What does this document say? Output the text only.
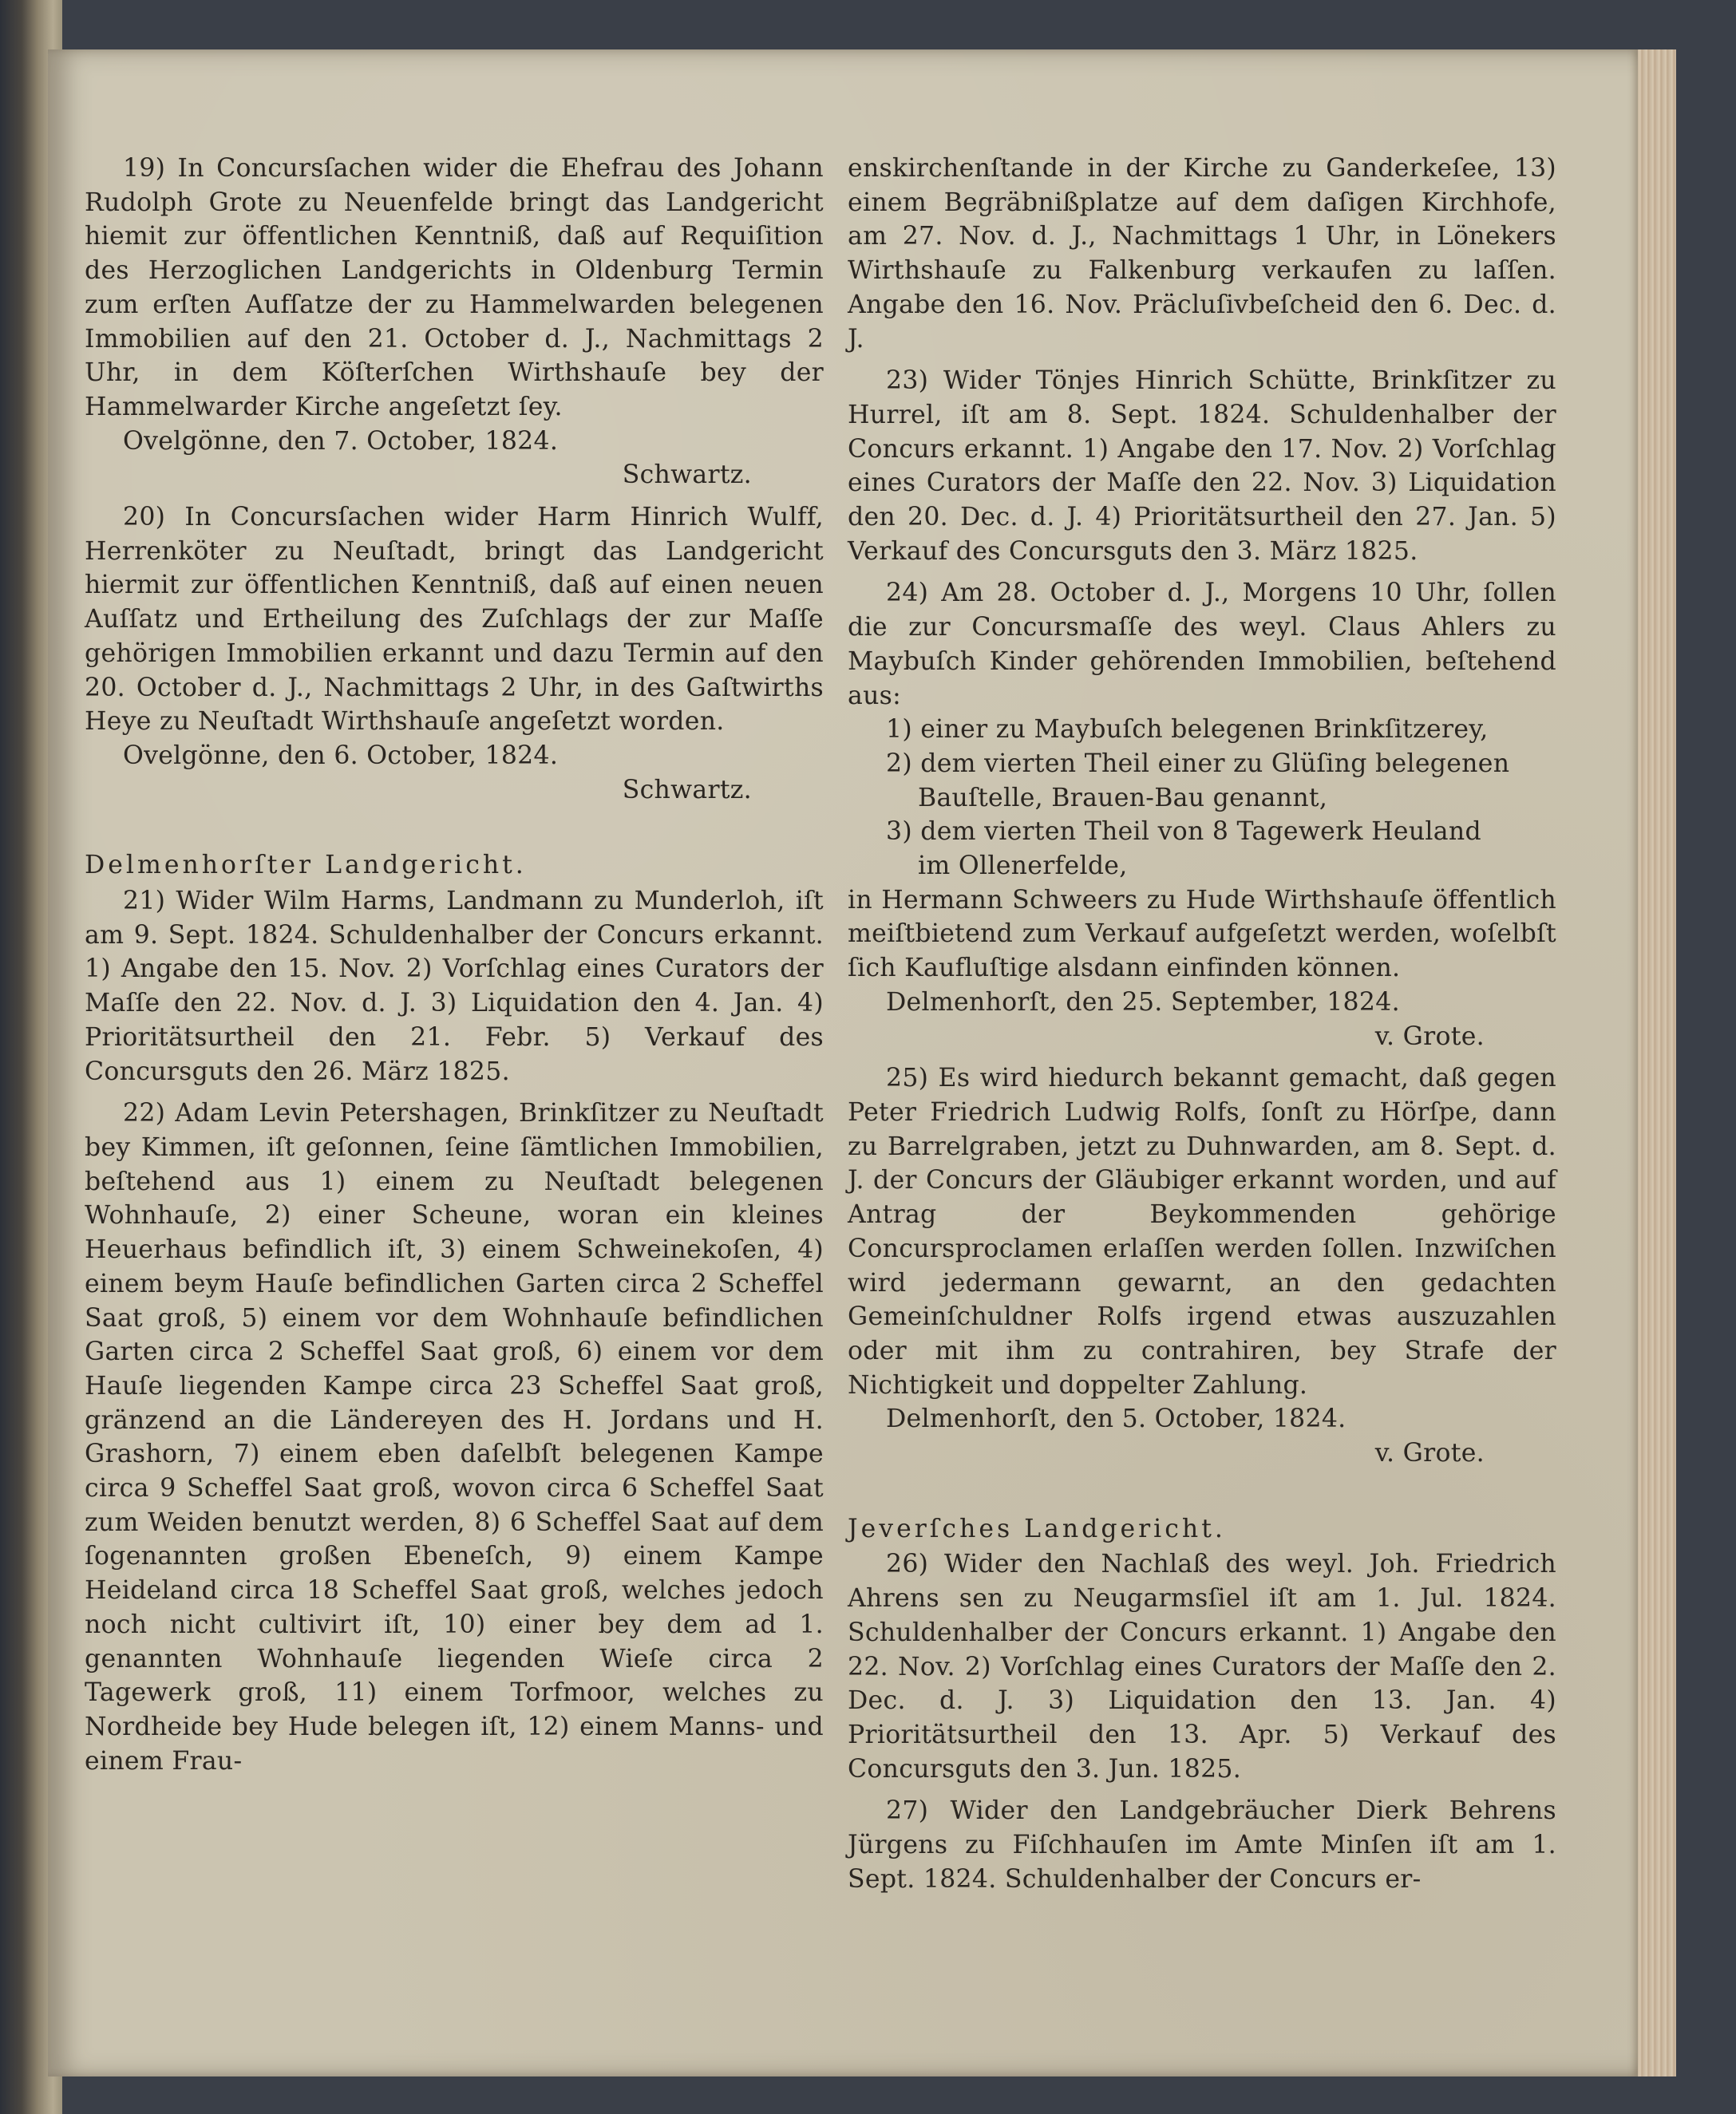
19) In Concursſachen wider die Ehefrau des Johann Rudolph Grote zu Neuenfelde bringt das Landgericht hiemit zur öffentlichen Kenntniß, daß auf Requiſition des Herzoglichen Landgerichts in Oldenburg Termin zum erſten Aufſatze der zu Hammelwarden belegenen Immobilien auf den 21. October d. J., Nachmittags 2 Uhr, in dem Köſterſchen Wirthshauſe bey der Hammelwarder Kirche angeſetzt ſey.

Ovelgönne, den 7. October, 1824.

Schwartz.

20) In Concursſachen wider Harm Hinrich Wulff, Herrenköter zu Neuſtadt, bringt das Landgericht hiermit zur öffentlichen Kenntniß, daß auf einen neuen Auſſatz und Ertheilung des Zuſchlags der zur Maſſe gehörigen Immobilien erkannt und dazu Termin auf den 20. October d. J., Nachmittags 2 Uhr, in des Gaſtwirths Heye zu Neuſtadt Wirthshauſe angeſetzt worden.

Ovelgönne, den 6. October, 1824.

Schwartz.

Delmenhorſter Landgericht.

21) Wider Wilm Harms, Landmann zu Munderloh, iſt am 9. Sept. 1824. Schuldenhalber der Concurs erkannt. 1) Angabe den 15. Nov. 2) Vorſchlag eines Curators der Maſſe den 22. Nov. d. J. 3) Liquidation den 4. Jan. 4) Prioritätsurtheil den 21. Febr. 5) Verkauf des Concursguts den 26. März 1825.

22) Adam Levin Petershagen, Brinkſitzer zu Neuſtadt bey Kimmen, iſt geſonnen, ſeine ſämtlichen Immobilien, beſtehend aus 1) einem zu Neuſtadt belegenen Wohnhauſe, 2) einer Scheune, woran ein kleines Heuerhaus befindlich iſt, 3) einem Schweinekoſen, 4) einem beym Hauſe befindlichen Garten circa 2 Scheffel Saat groß, 5) einem vor dem Wohnhauſe befindlichen Garten circa 2 Scheffel Saat groß, 6) einem vor dem Hauſe liegenden Kampe circa 23 Scheffel Saat groß, gränzend an die Ländereyen des H. Jordans und H. Grashorn, 7) einem eben daſelbſt belegenen Kampe circa 9 Scheffel Saat groß, wovon circa 6 Scheffel Saat zum Weiden benutzt werden, 8) 6 Scheffel Saat auf dem ſogenannten großen Ebeneſch, 9) einem Kampe Heideland circa 18 Scheffel Saat groß, welches jedoch noch nicht cultivirt iſt, 10) einer bey dem ad 1. genannten Wohnhauſe liegenden Wieſe circa 2 Tagewerk groß, 11) einem Torfmoor, welches zu Nordheide bey Hude belegen iſt, 12) einem Manns- und einem Frau-

enskirchenſtande in der Kirche zu Ganderkeſee, 13) einem Begräbnißplatze auf dem daſigen Kirchhofe, am 27. Nov. d. J., Nachmittags 1 Uhr, in Lönekers Wirthshauſe zu Falkenburg verkaufen zu laſſen. Angabe den 16. Nov. Präcluſivbeſcheid den 6. Dec. d. J.

23) Wider Tönjes Hinrich Schütte, Brinkſitzer zu Hurrel, iſt am 8. Sept. 1824. Schuldenhalber der Concurs erkannt. 1) Angabe den 17. Nov. 2) Vorſchlag eines Curators der Maſſe den 22. Nov. 3) Liquidation den 20. Dec. d. J. 4) Prioritätsurtheil den 27. Jan. 5) Verkauf des Concursguts den 3. März 1825.

24) Am 28. October d. J., Morgens 10 Uhr, ſollen die zur Concursmaſſe des weyl. Claus Ahlers zu Maybuſch Kinder gehörenden Immobilien, beſtehend aus:

1) einer zu Maybuſch belegenen Brinkſitzerey,

2) dem vierten Theil einer zu Glüſing belegenen

Bauſtelle, Brauen-Bau genannt,

3) dem vierten Theil von 8 Tagewerk Heuland

im Ollenerfelde,

in Hermann Schweers zu Hude Wirthshauſe öffentlich meiſtbietend zum Verkauf aufgeſetzt werden, woſelbſt ſich Kaufluſtige alsdann einfinden können.

Delmenhorſt, den 25. September, 1824.

v. Grote.

25) Es wird hiedurch bekannt gemacht, daß gegen Peter Friedrich Ludwig Rolfs, ſonſt zu Hörſpe, dann zu Barrelgraben, jetzt zu Duhnwarden, am 8. Sept. d. J. der Concurs der Gläubiger erkannt worden, und auf Antrag der Beykommenden gehörige Concursproclamen erlaſſen werden ſollen. Inzwiſchen wird jedermann gewarnt, an den gedachten Gemeinſchuldner Rolfs irgend etwas auszuzahlen oder mit ihm zu contrahiren, bey Strafe der Nichtigkeit und doppelter Zahlung.

Delmenhorſt, den 5. October, 1824.

v. Grote.

Jeverſches Landgericht.

26) Wider den Nachlaß des weyl. Joh. Friedrich Ahrens sen zu Neugarmsſiel iſt am 1. Jul. 1824. Schuldenhalber der Concurs erkannt. 1) Angabe den 22. Nov. 2) Vorſchlag eines Curators der Maſſe den 2. Dec. d. J. 3) Liquidation den 13. Jan. 4) Prioritätsurtheil den 13. Apr. 5) Verkauf des Concursguts den 3. Jun. 1825.

27) Wider den Landgebräucher Dierk Behrens Jürgens zu Fiſchhauſen im Amte Minſen iſt am 1. Sept. 1824. Schuldenhalber der Concurs er-
